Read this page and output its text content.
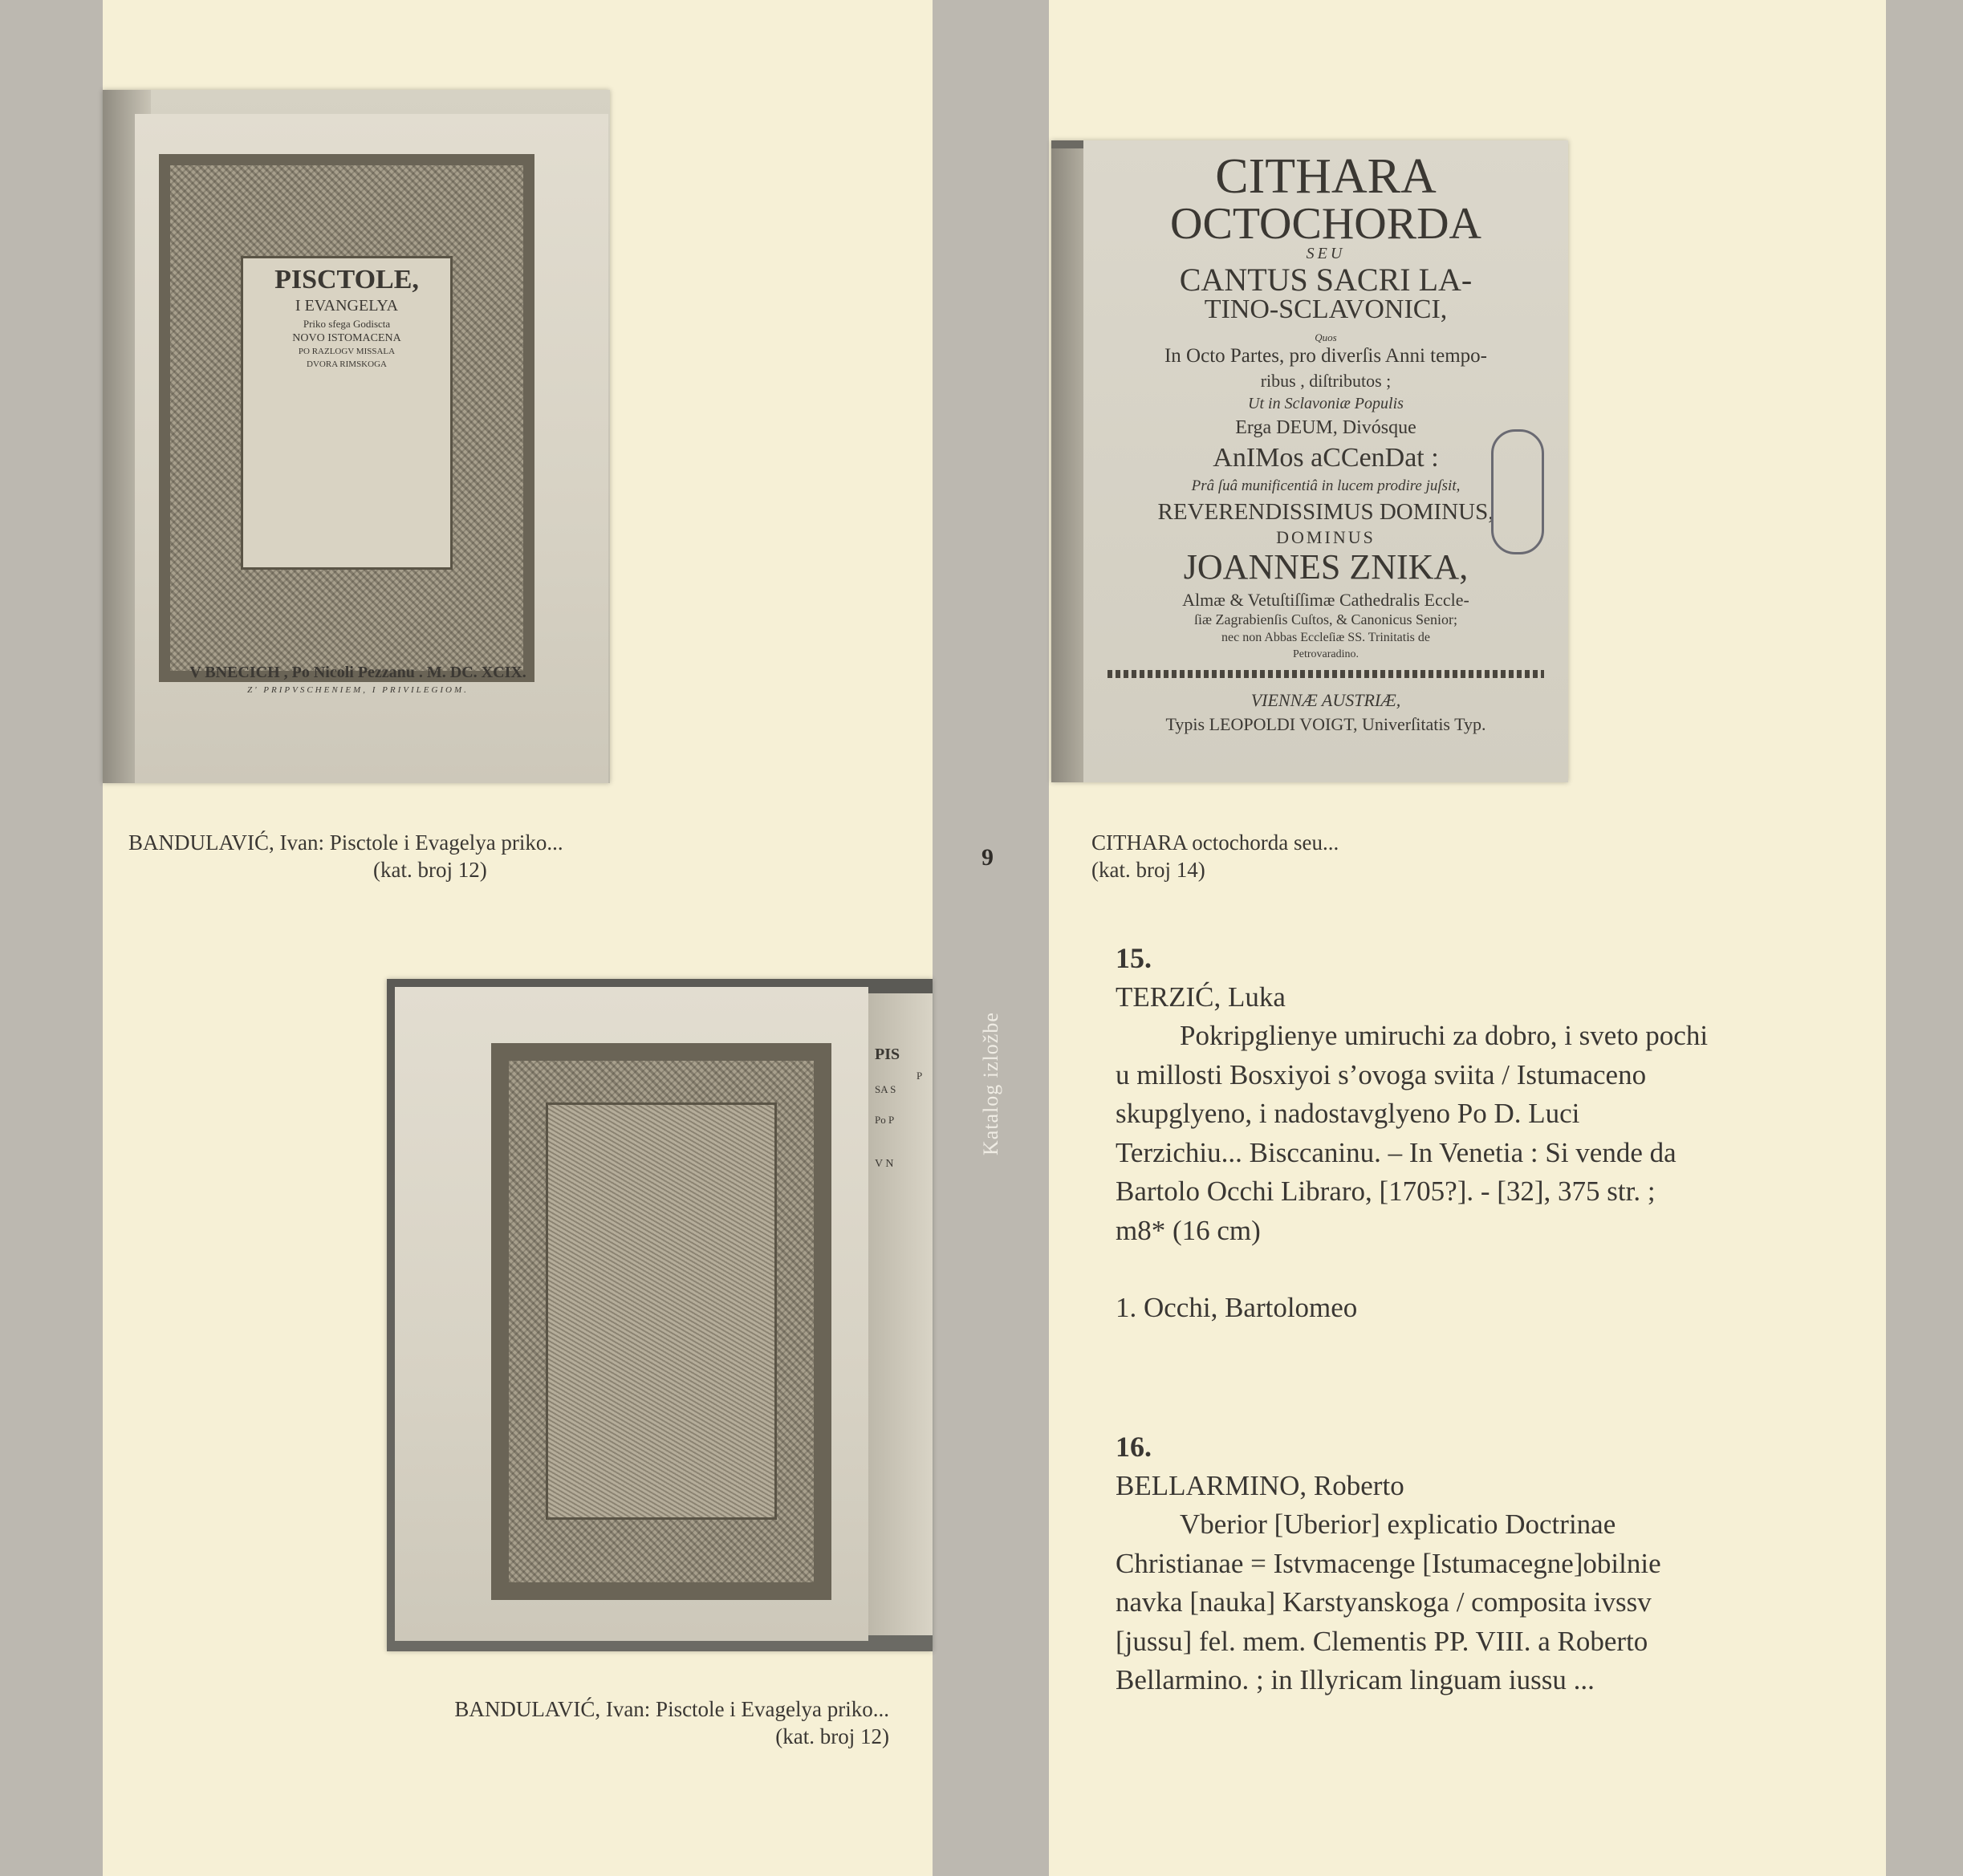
PISCTOLE,
I EVANGELYA
Priko sfega Godiscta
NOVO ISTOMACENA
PO RAZLOGV MISSALA
DVORA RIMSKOGA
V BNECICH , Po Nicoli Pezzanu . M. DC. XCIX.
Z' PRIPVSCHENIEM, I PRIVILEGIOM.
BANDULAVIĆ, Ivan: Pisctole i Evagelya priko...
(kat. broj 12)
PIS
P
SA S
Po P
V N
BANDULAVIĆ, Ivan: Pisctole i Evagelya priko...
(kat. broj 12)
9
Katalog izložbe
CITHARA
OCTOCHORDA
SEU
CANTUS SACRI LA-
TINO-SCLAVONICI,
Quos
In Octo Partes, pro diverſis Anni tempo-
ribus , diſtributos ;
Ut in Sclavoniæ Populis
Erga DEUM, Divósque
AnIMos aCCenDat :
Prâ ſuâ munificentiâ in lucem prodire juſsit,
REVERENDISSIMUS DOMINUS,
DOMINUS
JOANNES ZNIKA,
Almæ & Vetuſtiſſimæ Cathedralis Eccle-
ſiæ Zagrabienſis Cuſtos, & Canonicus Senior;
nec non Abbas Eccleſiæ SS. Trinitatis de
Petrovaradino.
VIENNÆ AUSTRIÆ,
Typis LEOPOLDI VOIGT, Univerſitatis Typ.
CITHARA octochorda seu...
(kat. broj 14)
15.

TERZIĆ, Luka

Pokripglienye umiruchi za dobro, i sveto pochi u millosti Bosxiyoi s’ovoga sviita / Istumaceno skupglyeno, i nadostavglyeno Po D. Luci Terzichiu... Bisccaninu. – In Venetia : Si vende da Bartolo Occhi Libraro, [1705?]. - [32], 375 str. ; m8* (16 cm)

1. Occhi, Bartolomeo

16.

BELLARMINO, Roberto

Vberior [Uberior] explicatio Doctrinae Christianae = Istvmacenge [Istumacegne]obilnie navka [nauka] Karstyanskoga / composita ivssv [jussu] fel. mem. Clementis PP. VIII. a Roberto Bellarmino. ; in Illyricam linguam iussu ...
